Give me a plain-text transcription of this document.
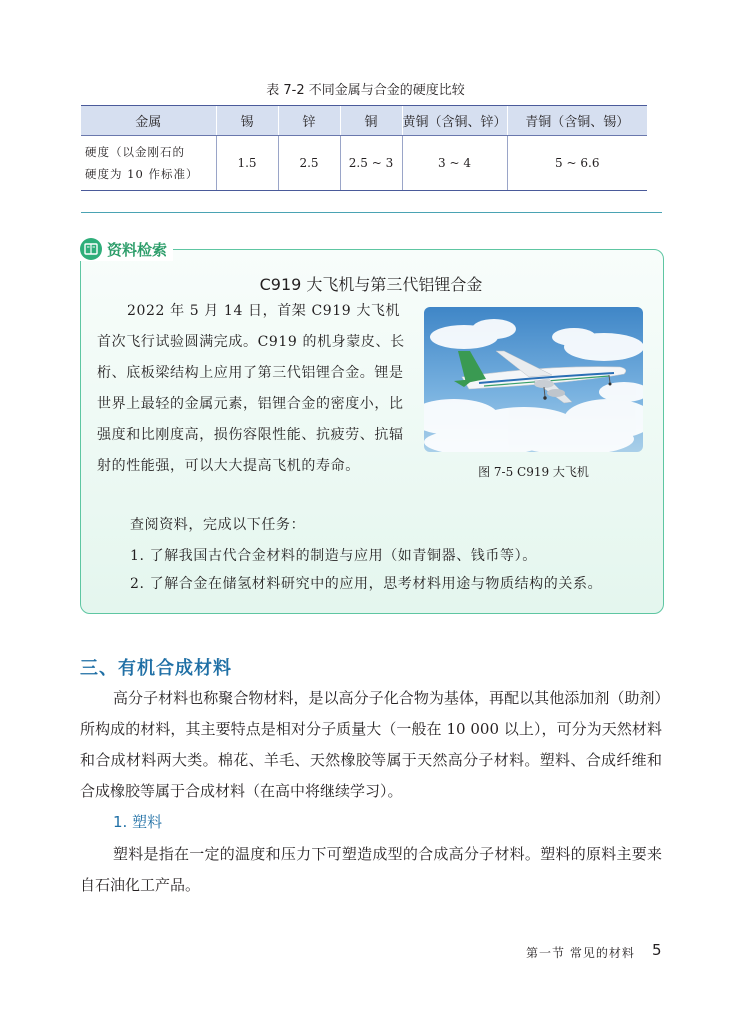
表 7-2 不同金属与合金的硬度比较
金属	锡	锌	铜	黄铜（含铜、锌）	青铜（含铜、锡）

硬度（以金刚石的
硬度为 10 作标准）	1.5	2.5	2.5 ~ 3	3 ~ 4	5 ~ 6.6
资料检索
C919 大飞机与第三代铝锂合金
2022 年 5 月 14 日，首架 C919 大飞机首次飞行试验圆满完成。C919 的机身蒙皮、长桁、底板梁结构上应用了第三代铝锂合金。锂是世界上最轻的金属元素，铝锂合金的密度小，比强度和比刚度高，损伤容限性能、抗疲劳、抗辐射的性能强，可以大大提高飞机的寿命。	图 7-5 C919 大飞机
查阅资料，完成以下任务：
1. 了解我国古代合金材料的制造与应用（如青铜器、钱币等）。
2. 了解合金在储氢材料研究中的应用，思考材料用途与物质结构的关系。
三、有机合成材料
高分子材料也称聚合物材料，是以高分子化合物为基体，再配以其他添加剂（助剂）所构成的材料，其主要特点是相对分子质量大（一般在 10 000 以上），可分为天然材料和合成材料两大类。棉花、羊毛、天然橡胶等属于天然高分子材料。塑料、合成纤维和合成橡胶等属于合成材料（在高中将继续学习）。
1. 塑料
塑料是指在一定的温度和压力下可塑造成型的合成高分子材料。塑料的原料主要来自石油化工产品。
第一节 常见的材料 5
